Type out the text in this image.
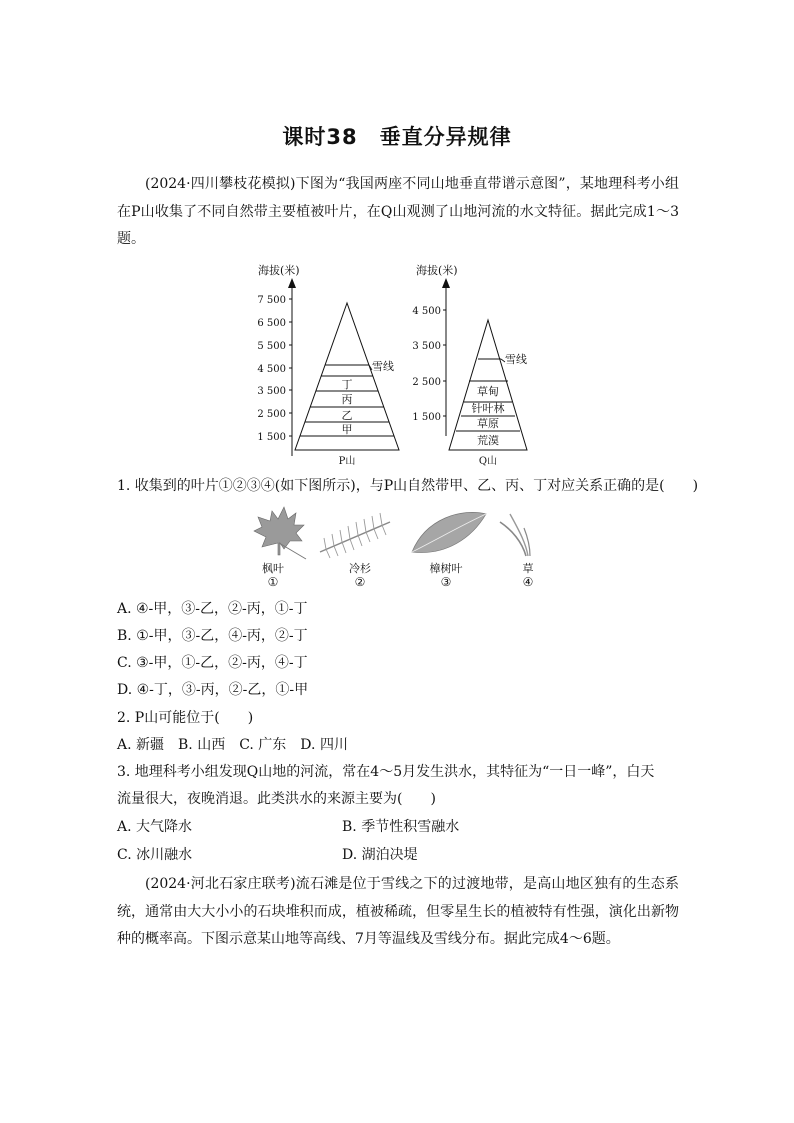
课时38　垂直分异规律
(2024·四川攀枝花模拟)下图为“我国两座不同山地垂直带谱示意图”，某地理科考小组在P山收集了不同自然带主要植被叶片，在Q山观测了山地河流的水文特征。据此完成1～3题。
海拔(米)
7 500
6 500
5 500
4 500
3 500
2 500
1 500
雪线
丁
丙
乙
甲
P山
海拔(米)
4 500
3 500
2 500
1 500
雪线
草甸
针叶林
草原
荒漠
Q山
1. 收集到的叶片①②③④(如下图所示)，与P山自然带甲、乙、丙、丁对应关系正确的是(　　)
枫叶	冷杉	樟树叶	草
①	②	③	④
A. ④-甲，③-乙，②-丙，①-丁
B. ①-甲，③-乙，④-丙，②-丁
C. ③-甲，①-乙，②-丙，④-丁
D. ④-丁，③-丙，②-乙，①-甲
2. P山可能位于(　　)
A. 新疆　B. 山西　C. 广东　D. 四川
3. 地理科考小组发现Q山地的河流，常在4～5月发生洪水，其特征为“一日一峰”，白天
流量很大，夜晚消退。此类洪水的来源主要为(　　)
A. 大气降水	B. 季节性积雪融水
C. 冰川融水	D. 湖泊决堤
(2024·河北石家庄联考)流石滩是位于雪线之下的过渡地带，是高山地区独有的生态系统，通常由大大小小的石块堆积而成，植被稀疏，但零星生长的植被特有性强，演化出新物种的概率高。下图示意某山地等高线、7月等温线及雪线分布。据此完成4～6题。
